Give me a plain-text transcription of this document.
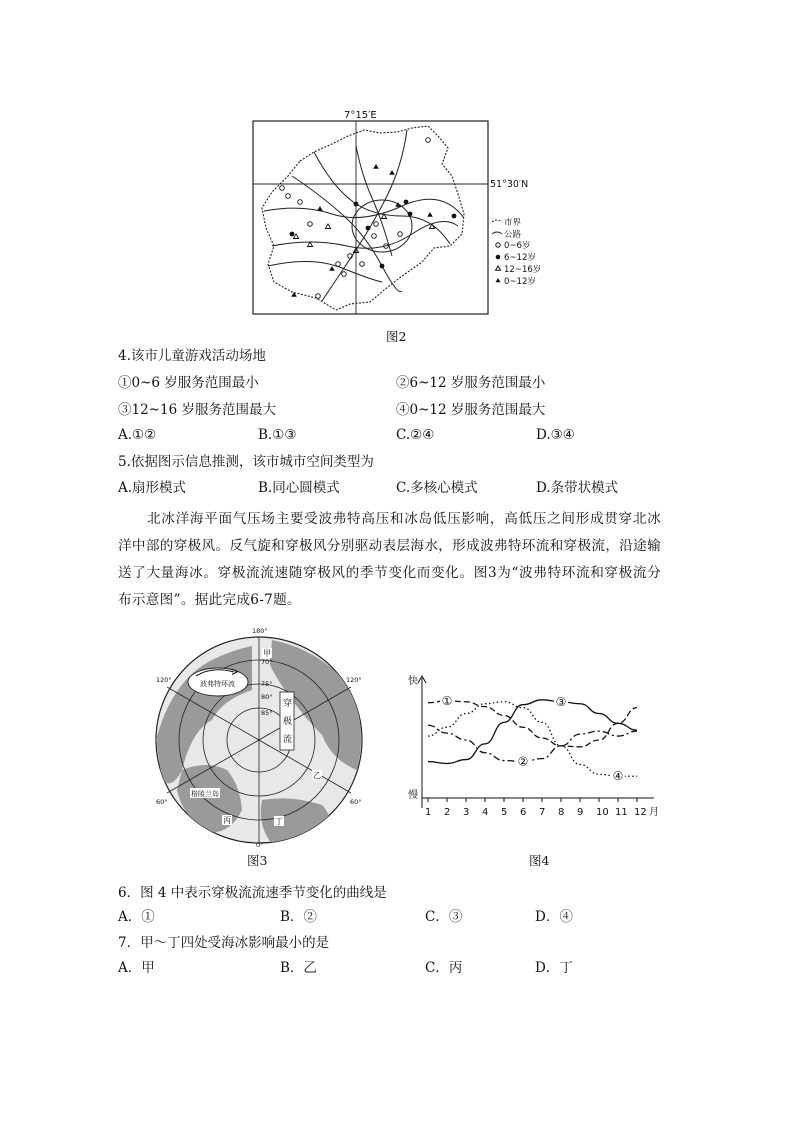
7°15′E
51°30′N
市界
公路
0~6岁
6~12岁
12~16岁
0~12岁
图2
4.该市儿童游戏活动场地
①0~6 岁服务范围最小	②6~12 岁服务范围最小
③12~16 岁服务范围最大	④0~12 岁服务范围最大
A.①②	B.①③	C.②④	D.③④
5.依据图示信息推测，该市城市空间类型为
A.扇形模式	B.同心圆模式	C.多核心模式	D.条带状模式
北冰洋海平面气压场主要受波弗特高压和冰岛低压影响，高低压之间形成贯穿北冰洋中部的穿极风。反气旋和穿极风分别驱动表层海水，形成波弗特环流和穿极流，沿途输送了大量海冰。穿极流流速随穿极风的季节变化而变化。图3为“波弗特环流和穿极流分布示意图”。据此完成6-7题。
波弗特环流
穿
极
流
70°
75°
80°
85°
180°
0°
120°	120°
60°	60°
甲
乙
丙	丁
格陵兰岛
图3
快
慢
月
1 2 3 4 5 6 7 8 9 10 11 12
①
②
③
④
图4
6．图 4 中表示穿极流流速季节变化的曲线是
A．①	B．②	C．③	D．④
7．甲～丁四处受海冰影响最小的是
A．甲	B．乙	C．丙	D．丁
